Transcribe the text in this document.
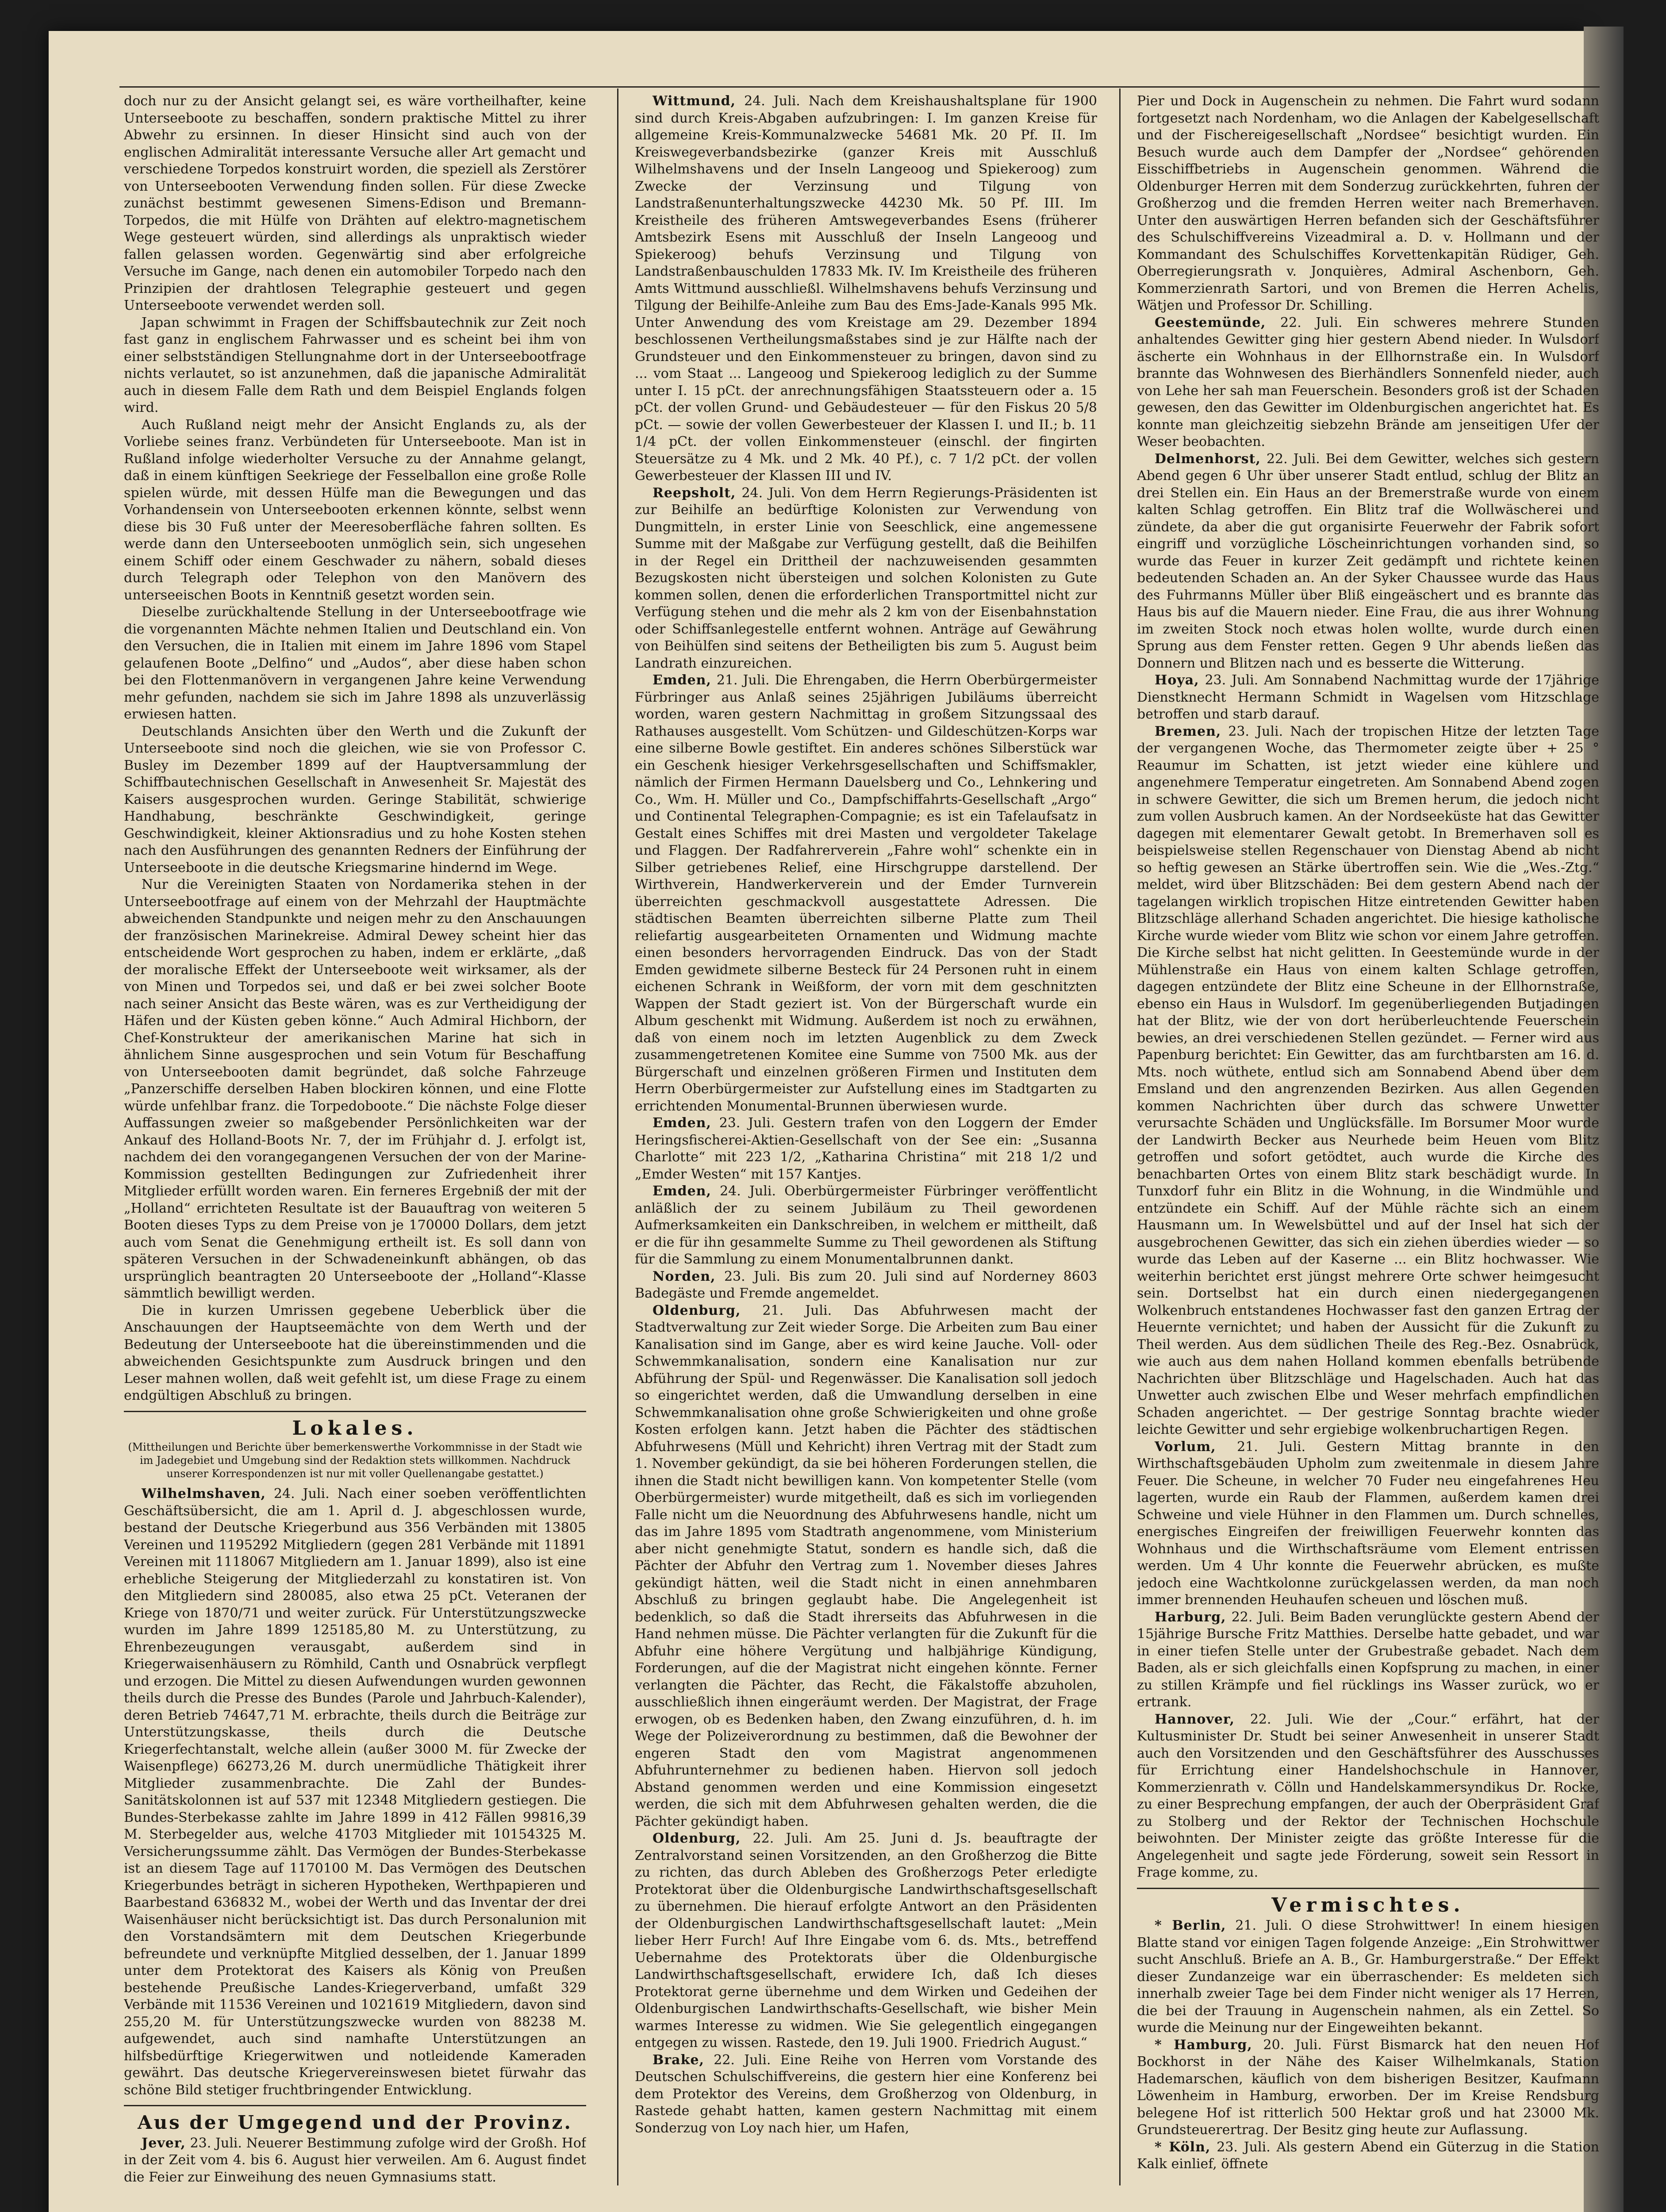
doch nur zu der Ansicht gelangt sei, es wäre vortheilhafter, keine Unterseeboote zu beschaffen, sondern praktische Mittel zu ihrer Abwehr zu ersinnen. In dieser Hinsicht sind auch von der englischen Admiralität interessante Versuche aller Art gemacht und verschiedene Torpedos konstruirt worden, die speziell als Zerstörer von Unterseebooten Verwendung finden sollen. Für diese Zwecke zunächst bestimmt gewesenen Simens-Edison und Bremann-Torpedos, die mit Hülfe von Drähten auf elektro-magnetischem Wege gesteuert würden, sind allerdings als unpraktisch wieder fallen gelassen worden. Gegenwärtig sind aber erfolgreiche Versuche im Gange, nach denen ein automobiler Torpedo nach den Prinzipien der drahtlosen Telegraphie gesteuert und gegen Unterseeboote verwendet werden soll.

Japan schwimmt in Fragen der Schiffsbautechnik zur Zeit noch fast ganz in englischem Fahrwasser und es scheint bei ihm von einer selbstständigen Stellungnahme dort in der Unterseebootfrage nichts verlautet, so ist anzunehmen, daß die japanische Admiralität auch in diesem Falle dem Rath und dem Beispiel Englands folgen wird.

Auch Rußland neigt mehr der Ansicht Englands zu, als der Vorliebe seines franz. Verbündeten für Unterseeboote. Man ist in Rußland infolge wiederholter Versuche zu der Annahme gelangt, daß in einem künftigen Seekriege der Fesselballon eine große Rolle spielen würde, mit dessen Hülfe man die Bewegungen und das Vorhandensein von Unterseebooten erkennen könnte, selbst wenn diese bis 30 Fuß unter der Meeresoberfläche fahren sollten. Es werde dann den Unterseebooten unmöglich sein, sich ungesehen einem Schiff oder einem Geschwader zu nähern, sobald dieses durch Telegraph oder Telephon von den Manövern des unterseeischen Boots in Kenntniß gesetzt worden sein.

Dieselbe zurückhaltende Stellung in der Unterseebootfrage wie die vorgenannten Mächte nehmen Italien und Deutschland ein. Von den Versuchen, die in Italien mit einem im Jahre 1896 vom Stapel gelaufenen Boote „Delfino“ und „Audos“, aber diese haben schon bei den Flottenmanövern in vergangenen Jahre keine Verwendung mehr gefunden, nachdem sie sich im Jahre 1898 als unzuverlässig erwiesen hatten.

Deutschlands Ansichten über den Werth und die Zukunft der Unterseeboote sind noch die gleichen, wie sie von Professor C. Busley im Dezember 1899 auf der Hauptversammlung der Schiffbautechnischen Gesellschaft in Anwesenheit Sr. Majestät des Kaisers ausgesprochen wurden. Geringe Stabilität, schwierige Handhabung, beschränkte Geschwindigkeit, geringe Geschwindigkeit, kleiner Aktionsradius und zu hohe Kosten stehen nach den Ausführungen des genannten Redners der Einführung der Unterseeboote in die deutsche Kriegsmarine hindernd im Wege.

Nur die Vereinigten Staaten von Nordamerika stehen in der Unterseebootfrage auf einem von der Mehrzahl der Hauptmächte abweichenden Standpunkte und neigen mehr zu den Anschauungen der französischen Marinekreise. Admiral Dewey scheint hier das entscheidende Wort gesprochen zu haben, indem er erklärte, „daß der moralische Effekt der Unterseeboote weit wirksamer, als der von Minen und Torpedos sei, und daß er bei zwei solcher Boote nach seiner Ansicht das Beste wären, was es zur Vertheidigung der Häfen und der Küsten geben könne.“ Auch Admiral Hichborn, der Chef-Konstrukteur der amerikanischen Marine hat sich in ähnlichem Sinne ausgesprochen und sein Votum für Beschaffung von Unterseebooten damit begründet, daß solche Fahrzeuge „Panzerschiffe derselben Haben blockiren können, und eine Flotte würde unfehlbar franz. die Torpedoboote.“ Die nächste Folge dieser Auffassungen zweier so maßgebender Persönlichkeiten war der Ankauf des Holland-Boots Nr. 7, der im Frühjahr d. J. erfolgt ist, nachdem dei den vorangegangenen Versuchen der von der Marine-Kommission gestellten Bedingungen zur Zufriedenheit ihrer Mitglieder erfüllt worden waren. Ein ferneres Ergebniß der mit der „Holland“ errichteten Resultate ist der Bauauftrag von weiteren 5 Booten dieses Typs zu dem Preise von je 170000 Dollars, dem jetzt auch vom Senat die Genehmigung ertheilt ist. Es soll dann von späteren Versuchen in der Schwadeneinkunft abhängen, ob das ursprünglich beantragten 20 Unterseeboote der „Holland“-Klasse sämmtlich bewilligt werden.

Die in kurzen Umrissen gegebene Ueberblick über die Anschauungen der Hauptseemächte von dem Werth und der Bedeutung der Unterseeboote hat die übereinstimmenden und die abweichenden Gesichtspunkte zum Ausdruck bringen und den Leser mahnen wollen, daß weit gefehlt ist, um diese Frage zu einem endgültigen Abschluß zu bringen.

Lokales.
(Mittheilungen und Berichte über bemerkenswerthe Vorkommnisse in der Stadt wie im Jadegebiet und Umgebung sind der Redaktion stets willkommen. Nachdruck unserer Korrespondenzen ist nur mit voller Quellenangabe gestattet.)

Wilhelmshaven, 24. Juli. Nach einer soeben veröffentlichten Geschäftsübersicht, die am 1. April d. J. abgeschlossen wurde, bestand der Deutsche Kriegerbund aus 356 Verbänden mit 13805 Vereinen und 1195292 Mitgliedern (gegen 281 Verbände mit 11891 Vereinen mit 1118067 Mitgliedern am 1. Januar 1899), also ist eine erhebliche Steigerung der Mitgliederzahl zu konstatiren ist. Von den Mitgliedern sind 280085, also etwa 25 pCt. Veteranen der Kriege von 1870/71 und weiter zurück. Für Unterstützungszwecke wurden im Jahre 1899 125185,80 M. zu Unterstützung, zu Ehrenbezeugungen verausgabt, außerdem sind in Kriegerwaisenhäusern zu Römhild, Canth und Osnabrück verpflegt und erzogen. Die Mittel zu diesen Aufwendungen wurden gewonnen theils durch die Presse des Bundes (Parole und Jahrbuch-Kalender), deren Betrieb 74647,71 M. erbrachte, theils durch die Beiträge zur Unterstützungskasse, theils durch die Deutsche Kriegerfechtanstalt, welche allein (außer 3000 M. für Zwecke der Waisenpflege) 66273,26 M. durch unermüdliche Thätigkeit ihrer Mitglieder zusammenbrachte. Die Zahl der Bundes-Sanitätskolonnen ist auf 537 mit 12348 Mitgliedern gestiegen. Die Bundes-Sterbekasse zahlte im Jahre 1899 in 412 Fällen 99816,39 M. Sterbegelder aus, welche 41703 Mitglieder mit 10154325 M. Versicherungssumme zählt. Das Vermögen der Bundes-Sterbekasse ist an diesem Tage auf 1170100 M. Das Vermögen des Deutschen Kriegerbundes beträgt in sicheren Hypotheken, Werthpapieren und Baarbestand 636832 M., wobei der Werth und das Inventar der drei Waisenhäuser nicht berücksichtigt ist. Das durch Personalunion mit den Vorstandsämtern mit dem Deutschen Kriegerbunde befreundete und verknüpfte Mitglied desselben, der 1. Januar 1899 unter dem Protektorat des Kaisers als König von Preußen bestehende Preußische Landes-Kriegerverband, umfaßt 329 Verbände mit 11536 Vereinen und 1021619 Mitgliedern, davon sind 255,20 M. für Unterstützungszwecke wurden von 88238 M. aufgewendet, auch sind namhafte Unterstützungen an hilfsbedürftige Kriegerwitwen und notleidende Kameraden gewährt. Das deutsche Kriegervereinswesen bietet fürwahr das schöne Bild stetiger fruchtbringender Entwicklung.

Aus der Umgegend und der Provinz.

Jever, 23. Juli. Neuerer Bestimmung zufolge wird der Großh. Hof in der Zeit vom 4. bis 6. August hier verweilen. Am 6. August findet die Feier zur Einweihung des neuen Gymnasiums statt.

Wittmund, 24. Juli. Nach dem Kreishaushaltsplane für 1900 sind durch Kreis-Abgaben aufzubringen: I. Im ganzen Kreise für allgemeine Kreis-Kommunalzwecke 54681 Mk. 20 Pf. II. Im Kreiswegeverbandsbezirke (ganzer Kreis mit Ausschluß Wilhelmshavens und der Inseln Langeoog und Spiekeroog) zum Zwecke der Verzinsung und Tilgung von Landstraßenunterhaltungszwecke 44230 Mk. 50 Pf. III. Im Kreistheile des früheren Amtswegeverbandes Esens (früherer Amtsbezirk Esens mit Ausschluß der Inseln Langeoog und Spiekeroog) behufs Verzinsung und Tilgung von Landstraßenbauschulden 17833 Mk. IV. Im Kreistheile des früheren Amts Wittmund ausschließl. Wilhelmshavens behufs Verzinsung und Tilgung der Beihilfe-Anleihe zum Bau des Ems-Jade-Kanals 995 Mk. Unter Anwendung des vom Kreistage am 29. Dezember 1894 beschlossenen Vertheilungsmaßstabes sind je zur Hälfte nach der Grundsteuer und den Einkommensteuer zu bringen, davon sind zu ... vom Staat ... Langeoog und Spiekeroog lediglich zu der Summe unter I. 15 pCt. der anrechnungsfähigen Staatssteuern oder a. 15 pCt. der vollen Grund- und Gebäudesteuer — für den Fiskus 20 5/8 pCt. — sowie der vollen Gewerbesteuer der Klassen I. und II.; b. 11 1/4 pCt. der vollen Einkommensteuer (einschl. der fingirten Steuersätze zu 4 Mk. und 2 Mk. 40 Pf.), c. 7 1/2 pCt. der vollen Gewerbesteuer der Klassen III und IV.

Reepsholt, 24. Juli. Von dem Herrn Regierungs-Präsidenten ist zur Beihilfe an bedürftige Kolonisten zur Verwendung von Dungmitteln, in erster Linie von Seeschlick, eine angemessene Summe mit der Maßgabe zur Verfügung gestellt, daß die Beihilfen in der Regel ein Drittheil der nachzuweisenden gesammten Bezugskosten nicht übersteigen und solchen Kolonisten zu Gute kommen sollen, denen die erforderlichen Transportmittel nicht zur Verfügung stehen und die mehr als 2 km von der Eisenbahnstation oder Schiffsanlegestelle entfernt wohnen. Anträge auf Gewährung von Beihülfen sind seitens der Betheiligten bis zum 5. August beim Landrath einzureichen.

Emden, 21. Juli. Die Ehrengaben, die Herrn Oberbürgermeister Fürbringer aus Anlaß seines 25jährigen Jubiläums überreicht worden, waren gestern Nachmittag in großem Sitzungssaal des Rathauses ausgestellt. Vom Schützen- und Gildeschützen-Korps war eine silberne Bowle gestiftet. Ein anderes schönes Silberstück war ein Geschenk hiesiger Verkehrsgesellschaften und Schiffsmakler, nämlich der Firmen Hermann Dauelsberg und Co., Lehnkering und Co., Wm. H. Müller und Co., Dampfschiffahrts-Gesellschaft „Argo“ und Continental Telegraphen-Compagnie; es ist ein Tafelaufsatz in Gestalt eines Schiffes mit drei Masten und vergoldeter Takelage und Flaggen. Der Radfahrerverein „Fahre wohl“ schenkte ein in Silber getriebenes Relief, eine Hirschgruppe darstellend. Der Wirthverein, Handwerkerverein und der Emder Turnverein überreichten geschmackvoll ausgestattete Adressen. Die städtischen Beamten überreichten silberne Platte zum Theil reliefartig ausgearbeiteten Ornamenten und Widmung machte einen besonders hervorragenden Eindruck. Das von der Stadt Emden gewidmete silberne Besteck für 24 Personen ruht in einem eichenen Schrank in Weißform, der vorn mit dem geschnitzten Wappen der Stadt geziert ist. Von der Bürgerschaft wurde ein Album geschenkt mit Widmung. Außerdem ist noch zu erwähnen, daß von einem noch im letzten Augenblick zu dem Zweck zusammengetretenen Komitee eine Summe von 7500 Mk. aus der Bürgerschaft und einzelnen größeren Firmen und Instituten dem Herrn Oberbürgermeister zur Aufstellung eines im Stadtgarten zu errichtenden Monumental-Brunnen überwiesen wurde.

Emden, 23. Juli. Gestern trafen von den Loggern der Emder Heringsfischerei-Aktien-Gesellschaft von der See ein: „Susanna Charlotte“ mit 223 1/2, „Katharina Christina“ mit 218 1/2 und „Emder Westen“ mit 157 Kantjes.

Emden, 24. Juli. Oberbürgermeister Fürbringer veröffentlicht anläßlich der zu seinem Jubiläum zu Theil gewordenen Aufmerksamkeiten ein Dankschreiben, in welchem er mittheilt, daß er die für ihn gesammelte Summe zu Theil gewordenen als Stiftung für die Sammlung zu einem Monumentalbrunnen dankt.

Norden, 23. Juli. Bis zum 20. Juli sind auf Norderney 8603 Badegäste und Fremde angemeldet.

Oldenburg, 21. Juli. Das Abfuhrwesen macht der Stadtverwaltung zur Zeit wieder Sorge. Die Arbeiten zum Bau einer Kanalisation sind im Gange, aber es wird keine Jauche. Voll- oder Schwemmkanalisation, sondern eine Kanalisation nur zur Abführung der Spül- und Regenwässer. Die Kanalisation soll jedoch so eingerichtet werden, daß die Umwandlung derselben in eine Schwemmkanalisation ohne große Schwierigkeiten und ohne große Kosten erfolgen kann. Jetzt haben die Pächter des städtischen Abfuhrwesens (Müll und Kehricht) ihren Vertrag mit der Stadt zum 1. November gekündigt, da sie bei höheren Forderungen stellen, die ihnen die Stadt nicht bewilligen kann. Von kompetenter Stelle (vom Oberbürgermeister) wurde mitgetheilt, daß es sich im vorliegenden Falle nicht um die Neuordnung des Abfuhrwesens handle, nicht um das im Jahre 1895 vom Stadtrath angenommene, vom Ministerium aber nicht genehmigte Statut, sondern es handle sich, daß die Pächter der Abfuhr den Vertrag zum 1. November dieses Jahres gekündigt hätten, weil die Stadt nicht in einen annehmbaren Abschluß zu bringen geglaubt habe. Die Angelegenheit ist bedenklich, so daß die Stadt ihrerseits das Abfuhrwesen in die Hand nehmen müsse. Die Pächter verlangten für die Zukunft für die Abfuhr eine höhere Vergütung und halbjährige Kündigung, Forderungen, auf die der Magistrat nicht eingehen könnte. Ferner verlangten die Pächter, das Recht, die Fäkalstoffe abzuholen, ausschließlich ihnen eingeräumt werden. Der Magistrat, der Frage erwogen, ob es Bedenken haben, den Zwang einzuführen, d. h. im Wege der Polizeiverordnung zu bestimmen, daß die Bewohner der engeren Stadt den vom Magistrat angenommenen Abfuhrunternehmer zu bedienen haben. Hiervon soll jedoch Abstand genommen werden und eine Kommission eingesetzt werden, die sich mit dem Abfuhrwesen gehalten werden, die die Pächter gekündigt haben.

Oldenburg, 22. Juli. Am 25. Juni d. Js. beauftragte der Zentralvorstand seinen Vorsitzenden, an den Großherzog die Bitte zu richten, das durch Ableben des Großherzogs Peter erledigte Protektorat über die Oldenburgische Landwirthschaftsgesellschaft zu übernehmen. Die hierauf erfolgte Antwort an den Präsidenten der Oldenburgischen Landwirthschaftsgesellschaft lautet: „Mein lieber Herr Furch! Auf Ihre Eingabe vom 6. ds. Mts., betreffend Uebernahme des Protektorats über die Oldenburgische Landwirthschaftsgesellschaft, erwidere Ich, daß Ich dieses Protektorat gerne übernehme und dem Wirken und Gedeihen der Oldenburgischen Landwirthschafts-Gesellschaft, wie bisher Mein warmes Interesse zu widmen. Wie Sie gelegentlich eingegangen entgegen zu wissen. Rastede, den 19. Juli 1900. Friedrich August.“

Brake, 22. Juli. Eine Reihe von Herren vom Vorstande des Deutschen Schulschiffvereins, die gestern hier eine Konferenz bei dem Protektor des Vereins, dem Großherzog von Oldenburg, in Rastede gehabt hatten, kamen gestern Nachmittag mit einem Sonderzug von Loy nach hier, um Hafen,

Pier und Dock in Augenschein zu nehmen. Die Fahrt wurd sodann fortgesetzt nach Nordenham, wo die Anlagen der Kabelgesellschaft und der Fischereigesellschaft „Nordsee“ besichtigt wurden. Ein Besuch wurde auch dem Dampfer der „Nordsee“ gehörenden Eisschiffbetriebs in Augenschein genommen. Während die Oldenburger Herren mit dem Sonderzug zurückkehrten, fuhren der Großherzog und die fremden Herren weiter nach Bremerhaven. Unter den auswärtigen Herren befanden sich der Geschäftsführer des Schulschiffvereins Vizeadmiral a. D. v. Hollmann und der Kommandant des Schulschiffes Korvettenkapitän Rüdiger, Geh. Oberregierungsrath v. Jonquières, Admiral Aschenborn, Geh. Kommerzienrath Sartori, und von Bremen die Herren Achelis, Wätjen und Professor Dr. Schilling.

Geestemünde, 22. Juli. Ein schweres mehrere Stunden anhaltendes Gewitter ging hier gestern Abend nieder. In Wulsdorf äscherte ein Wohnhaus in der Ellhornstraße ein. In Wulsdorf brannte das Wohnwesen des Bierhändlers Sonnenfeld nieder, auch von Lehe her sah man Feuerschein. Besonders groß ist der Schaden gewesen, den das Gewitter im Oldenburgischen angerichtet hat. Es konnte man gleichzeitig siebzehn Brände am jenseitigen Ufer der Weser beobachten.

Delmenhorst, 22. Juli. Bei dem Gewitter, welches sich gestern Abend gegen 6 Uhr über unserer Stadt entlud, schlug der Blitz an drei Stellen ein. Ein Haus an der Bremerstraße wurde von einem kalten Schlag getroffen. Ein Blitz traf die Wollwäscherei und zündete, da aber die gut organisirte Feuerwehr der Fabrik sofort eingriff und vorzügliche Löscheinrichtungen vorhanden sind, so wurde das Feuer in kurzer Zeit gedämpft und richtete keinen bedeutenden Schaden an. An der Syker Chaussee wurde das Haus des Fuhrmanns Müller über Bliß eingeäschert und es brannte das Haus bis auf die Mauern nieder. Eine Frau, die aus ihrer Wohnung im zweiten Stock noch etwas holen wollte, wurde durch einen Sprung aus dem Fenster retten. Gegen 9 Uhr abends ließen das Donnern und Blitzen nach und es besserte die Witterung.

Hoya, 23. Juli. Am Sonnabend Nachmittag wurde der 17jährige Dienstknecht Hermann Schmidt in Wagelsen vom Hitzschlage betroffen und starb darauf.

Bremen, 23. Juli. Nach der tropischen Hitze der letzten Tage der vergangenen Woche, das Thermometer zeigte über + 25 ° Reaumur im Schatten, ist jetzt wieder eine kühlere und angenehmere Temperatur eingetreten. Am Sonnabend Abend zogen in schwere Gewitter, die sich um Bremen herum, die jedoch nicht zum vollen Ausbruch kamen. An der Nordseeküste hat das Gewitter dagegen mit elementarer Gewalt getobt. In Bremerhaven soll es beispielsweise stellen Regenschauer von Dienstag Abend ab nicht so heftig gewesen an Stärke übertroffen sein. Wie die „Wes.-Ztg.“ meldet, wird über Blitzschäden: Bei dem gestern Abend nach der tagelangen wirklich tropischen Hitze eintretenden Gewitter haben Blitzschläge allerhand Schaden angerichtet. Die hiesige katholische Kirche wurde wieder vom Blitz wie schon vor einem Jahre getroffen. Die Kirche selbst hat nicht gelitten. In Geestemünde wurde in der Mühlenstraße ein Haus von einem kalten Schlage getroffen, dagegen entzündete der Blitz eine Scheune in der Ellhornstraße, ebenso ein Haus in Wulsdorf. Im gegenüberliegenden Butjadingen hat der Blitz, wie der von dort herüberleuchtende Feuerschein bewies, an drei verschiedenen Stellen gezündet. — Ferner wird aus Papenburg berichtet: Ein Gewitter, das am furchtbarsten am 16. d. Mts. noch wüthete, entlud sich am Sonnabend Abend über dem Emsland und den angrenzenden Bezirken. Aus allen Gegenden kommen Nachrichten über durch das schwere Unwetter verursachte Schäden und Unglücksfälle. Im Borsumer Moor wurde der Landwirth Becker aus Neurhede beim Heuen vom Blitz getroffen und sofort getödtet, auch wurde die Kirche des benachbarten Ortes von einem Blitz stark beschädigt wurde. In Tunxdorf fuhr ein Blitz in die Wohnung, in die Windmühle und entzündete ein Schiff. Auf der Mühle rächte sich an einem Hausmann um. In Wewelsbüttel und auf der Insel hat sich der ausgebrochenen Gewitter, das sich ein ziehen überdies wieder — so wurde das Leben auf der Kaserne ... ein Blitz hochwasser. Wie weiterhin berichtet erst jüngst mehrere Orte schwer heimgesucht sein. Dortselbst hat ein durch einen niedergegangenen Wolkenbruch entstandenes Hochwasser fast den ganzen Ertrag der Heuernte vernichtet; und haben der Aussicht für die Zukunft zu Theil werden. Aus dem südlichen Theile des Reg.-Bez. Osnabrück, wie auch aus dem nahen Holland kommen ebenfalls betrübende Nachrichten über Blitzschläge und Hagelschaden. Auch hat das Unwetter auch zwischen Elbe und Weser mehrfach empfindlichen Schaden angerichtet. — Der gestrige Sonntag brachte wieder leichte Gewitter und sehr ergiebige wolkenbruchartigen Regen.

Vorlum, 21. Juli. Gestern Mittag brannte in den Wirthschaftsgebäuden Upholm zum zweitenmale in diesem Jahre Feuer. Die Scheune, in welcher 70 Fuder neu eingefahrenes Heu lagerten, wurde ein Raub der Flammen, außerdem kamen drei Schweine und viele Hühner in den Flammen um. Durch schnelles, energisches Eingreifen der freiwilligen Feuerwehr konnten das Wohnhaus und die Wirthschaftsräume vom Element entrissen werden. Um 4 Uhr konnte die Feuerwehr abrücken, es mußte jedoch eine Wachtkolonne zurückgelassen werden, da man noch immer brennenden Heuhaufen scheuen und löschen muß.

Harburg, 22. Juli. Beim Baden verunglückte gestern Abend der 15jährige Bursche Fritz Matthies. Derselbe hatte gebadet, und war in einer tiefen Stelle unter der Grubestraße gebadet. Nach dem Baden, als er sich gleichfalls einen Kopfsprung zu machen, in einer zu stillen Krämpfe und fiel rücklings ins Wasser zurück, wo er ertrank.

Hannover, 22. Juli. Wie der „Cour.“ erfährt, hat der Kultusminister Dr. Studt bei seiner Anwesenheit in unserer Stadt auch den Vorsitzenden und den Geschäftsführer des Ausschusses für Errichtung einer Handelshochschule in Hannover, Kommerzienrath v. Cölln und Handelskammersyndikus Dr. Rocke, zu einer Besprechung empfangen, der auch der Oberpräsident Graf zu Stolberg und der Rektor der Technischen Hochschule beiwohnten. Der Minister zeigte das größte Interesse für die Angelegenheit und sagte jede Förderung, soweit sein Ressort in Frage komme, zu.

Vermischtes.

* Berlin, 21. Juli. O diese Strohwittwer! In einem hiesigen Blatte stand vor einigen Tagen folgende Anzeige: „Ein Strohwittwer sucht Anschluß. Briefe an A. B., Gr. Hamburgerstraße.“ Der Effekt dieser Zundanzeige war ein überraschender: Es meldeten sich innerhalb zweier Tage bei dem Finder nicht weniger als 17 Herren, die bei der Trauung in Augenschein nahmen, als ein Zettel. So wurde die Meinung nur der Eingeweihten bekannt.

* Hamburg, 20. Juli. Fürst Bismarck hat den neuen Hof Bockhorst in der Nähe des Kaiser Wilhelmkanals, Station Hademarschen, käuflich von dem bisherigen Besitzer, Kaufmann Löwenheim in Hamburg, erworben. Der im Kreise Rendsburg belegene Hof ist ritterlich 500 Hektar groß und hat 23000 Mk. Grundsteuerertrag. Der Besitz ging heute zur Auflassung.

* Köln, 23. Juli. Als gestern Abend ein Güterzug in die Station Kalk einlief, öffnete
